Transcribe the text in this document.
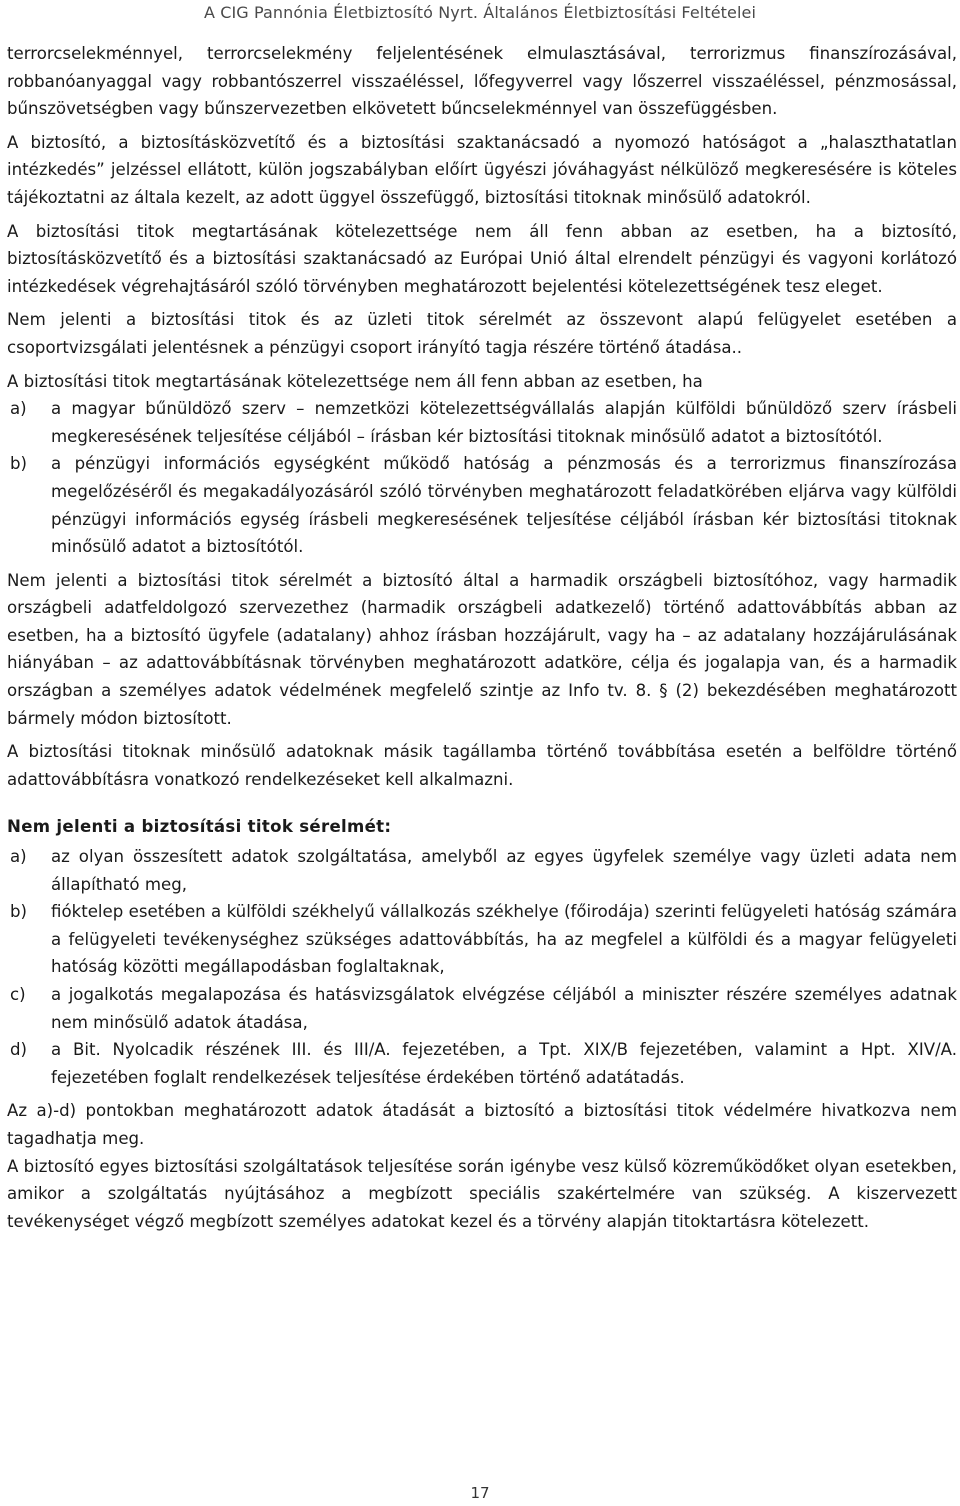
A CIG Pannónia Életbiztosító Nyrt. Általános Életbiztosítási Feltételei

terrorcselekménnyel, terrorcselekmény feljelentésének elmulasztásával, terrorizmus finanszírozásával, robbanóanyaggal vagy robbantószerrel visszaéléssel, lőfegyverrel vagy lőszerrel visszaéléssel, pénzmosással, bűnszövetségben vagy bűnszervezetben elkövetett bűncselekménnyel van összefüggésben.

A biztosító, a biztosításközvetítő és a biztosítási szaktanácsadó a nyomozó hatóságot a „halaszthatatlan intézkedés” jelzéssel ellátott, külön jogszabályban előírt ügyészi jóváhagyást nélkülöző megkeresésére is köteles tájékoztatni az általa kezelt, az adott üggyel összefüggő, biztosítási titoknak minősülő adatokról.

A biztosítási titok megtartásának kötelezettsége nem áll fenn abban az esetben, ha a biztosító, biztosításközvetítő és a biztosítási szaktanácsadó az Európai Unió által elrendelt pénzügyi és vagyoni korlátozó intézkedések végrehajtásáról szóló törvényben meghatározott bejelentési kötelezettségének tesz eleget.

Nem jelenti a biztosítási titok és az üzleti titok sérelmét az összevont alapú felügyelet esetében a csoportvizsgálati jelentésnek a pénzügyi csoport irányító tagja részére történő átadása..

A biztosítási titok megtartásának kötelezettsége nem áll fenn abban az esetben, ha

a) a magyar bűnüldöző szerv – nemzetközi kötelezettségvállalás alapján külföldi bűnüldöző szerv írásbeli megkeresésének teljesítése céljából – írásban kér biztosítási titoknak minősülő adatot a biztosítótól.
b) a pénzügyi információs egységként működő hatóság a pénzmosás és a terrorizmus finanszírozása megelőzéséről és megakadályozásáról szóló törvényben meghatározott feladatkörében eljárva vagy külföldi pénzügyi információs egység írásbeli megkeresésének teljesítése céljából írásban kér biztosítási titoknak minősülő adatot a biztosítótól.

Nem jelenti a biztosítási titok sérelmét a biztosító által a harmadik országbeli biztosítóhoz, vagy harmadik országbeli adatfeldolgozó szervezethez (harmadik országbeli adatkezelő) történő adattovábbítás abban az esetben, ha a biztosító ügyfele (adatalany) ahhoz írásban hozzájárult, vagy ha – az adatalany hozzájárulásának hiányában – az adattovábbításnak törvényben meghatározott adatköre, célja és jogalapja van, és a harmadik országban a személyes adatok védelmének megfelelő szintje az Info tv. 8. § (2) bekezdésében meghatározott bármely módon biztosított.

A biztosítási titoknak minősülő adatoknak másik tagállamba történő továbbítása esetén a belföldre történő adattovábbításra vonatkozó rendelkezéseket kell alkalmazni.

Nem jelenti a biztosítási titok sérelmét:
a) az olyan összesített adatok szolgáltatása, amelyből az egyes ügyfelek személye vagy üzleti adata nem állapítható meg,
b) fióktelep esetében a külföldi székhelyű vállalkozás székhelye (főirodája) szerinti felügyeleti hatóság számára a felügyeleti tevékenységhez szükséges adattovábbítás, ha az megfelel a külföldi és a magyar felügyeleti hatóság közötti megállapodásban foglaltaknak,
c) a jogalkotás megalapozása és hatásvizsgálatok elvégzése céljából a miniszter részére személyes adatnak nem minősülő adatok átadása,
d) a Bit. Nyolcadik részének III. és III/A. fejezetében, a Tpt. XIX/B fejezetében, valamint a Hpt. XIV/A. fejezetében foglalt rendelkezések teljesítése érdekében történő adatátadás.

Az a)-d) pontokban meghatározott adatok átadását a biztosító a biztosítási titok védelmére hivatkozva nem tagadhatja meg.

A biztosító egyes biztosítási szolgáltatások teljesítése során igénybe vesz külső közreműködőket olyan esetekben, amikor a szolgáltatás nyújtásához a megbízott speciális szakértelmére van szükség. A kiszervezett tevékenységet végző megbízott személyes adatokat kezel és a törvény alapján titoktartásra kötelezett.

17
